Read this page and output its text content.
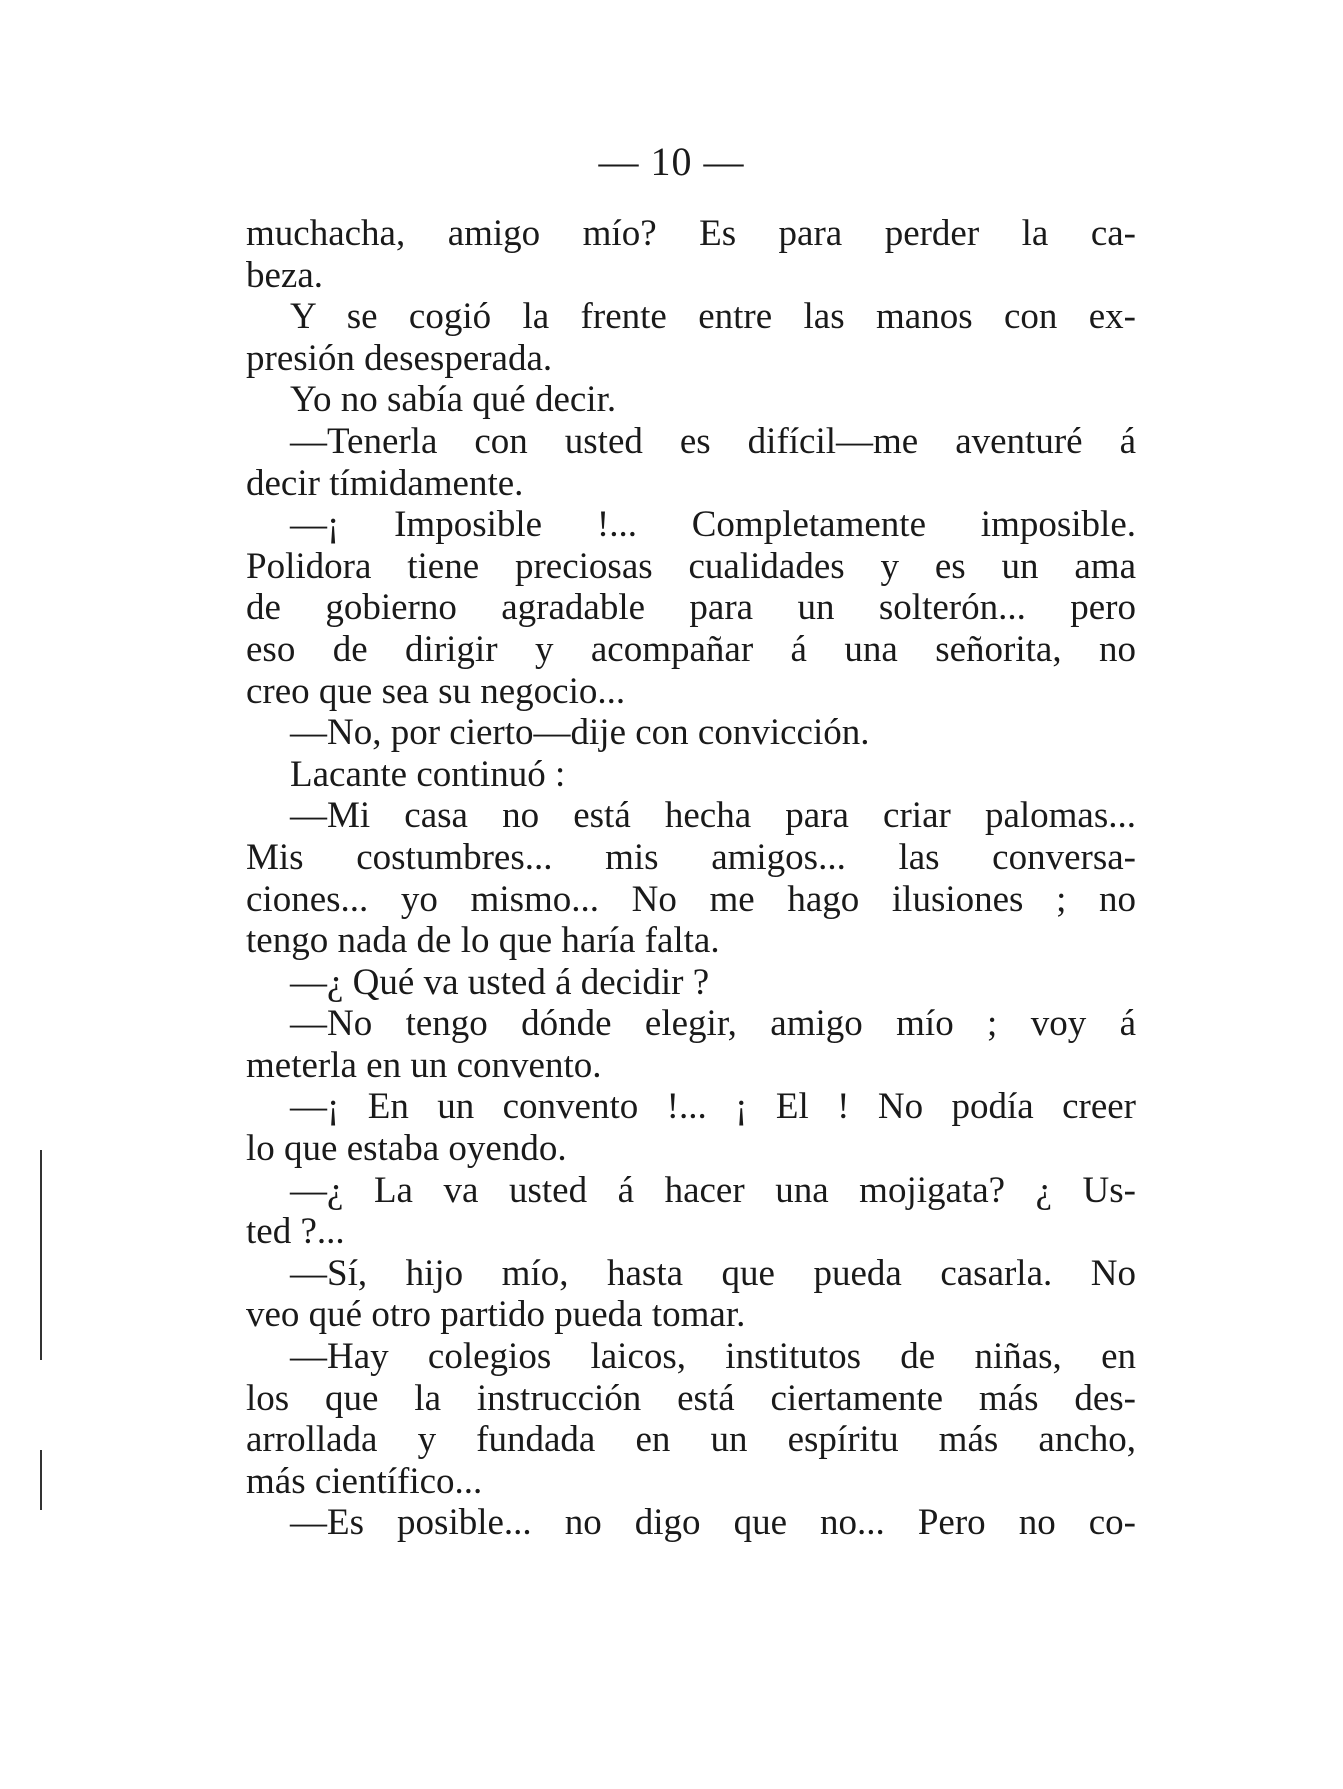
— 10 —
muchacha, amigo mío? Es para perder la ca-
beza.
Y se cogió la frente entre las manos con ex-
presión desesperada.
Yo no sabía qué decir.
—Tenerla con usted es difícil—me aventuré á
decir tímidamente.
—¡ Imposible !... Completamente imposible.
Polidora tiene preciosas cualidades y es un ama
de gobierno agradable para un solterón... pero
eso de dirigir y acompañar á una señorita, no
creo que sea su negocio...
—No, por cierto—dije con convicción.
Lacante continuó :
—Mi casa no está hecha para criar palomas...
Mis costumbres... mis amigos... las conversa-
ciones... yo mismo... No me hago ilusiones ; no
tengo nada de lo que haría falta.
—¿ Qué va usted á decidir ?
—No tengo dónde elegir, amigo mío ; voy á
meterla en un convento.
—¡ En un convento !... ¡ El ! No podía creer
lo que estaba oyendo.
—¿ La va usted á hacer una mojigata? ¿ Us-
ted ?...
—Sí, hijo mío, hasta que pueda casarla. No
veo qué otro partido pueda tomar.
—Hay colegios laicos, institutos de niñas, en
los que la instrucción está ciertamente más des-
arrollada y fundada en un espíritu más ancho,
más científico...
—Es posible... no digo que no... Pero no co-
